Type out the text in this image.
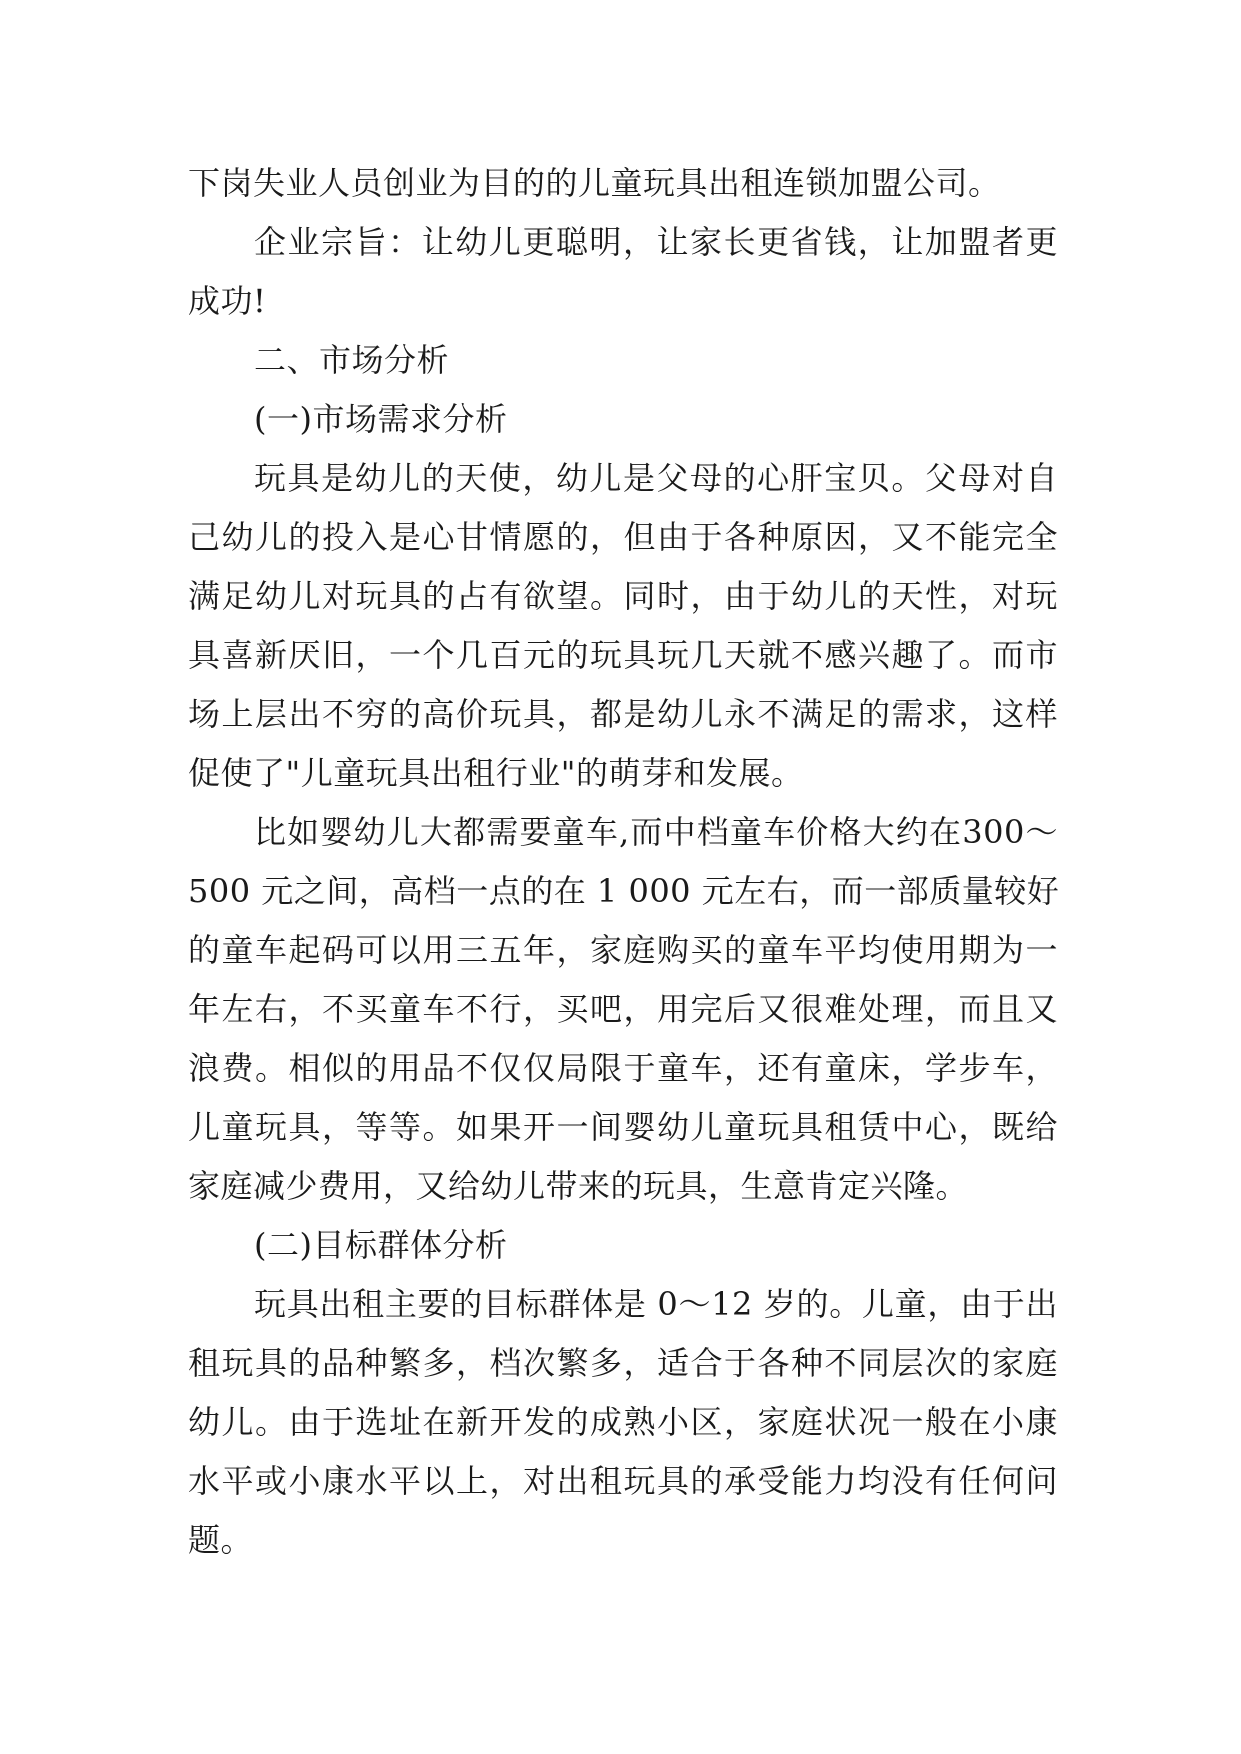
下岗失业人员创业为目的的儿童玩具出租连锁加盟公司。
企业宗旨：让幼儿更聪明，让家长更省钱，让加盟者更
成功!
二、市场分析
(一)市场需求分析
玩具是幼儿的天使，幼儿是父母的心肝宝贝。父母对自
己幼儿的投入是心甘情愿的，但由于各种原因，又不能完全
满足幼儿对玩具的占有欲望。同时，由于幼儿的天性，对玩
具喜新厌旧，一个几百元的玩具玩几天就不感兴趣了。而市
场上层出不穷的高价玩具，都是幼儿永不满足的需求，这样
促使了"儿童玩具出租行业"的萌芽和发展。
比如婴幼儿大都需要童车,而中档童车价格大约在300～
500 元之间，高档一点的在 1 000 元左右，而一部质量较好
的童车起码可以用三五年，家庭购买的童车平均使用期为一
年左右，不买童车不行，买吧，用完后又很难处理，而且又
浪费。相似的用品不仅仅局限于童车，还有童床，学步车，
儿童玩具，等等。如果开一间婴幼儿童玩具租赁中心，既给
家庭减少费用，又给幼儿带来的玩具，生意肯定兴隆。
(二)目标群体分析
玩具出租主要的目标群体是 0～12 岁的。儿童，由于出
租玩具的品种繁多，档次繁多，适合于各种不同层次的家庭
幼儿。由于选址在新开发的成熟小区，家庭状况一般在小康
水平或小康水平以上，对出租玩具的承受能力均没有任何问
题。
